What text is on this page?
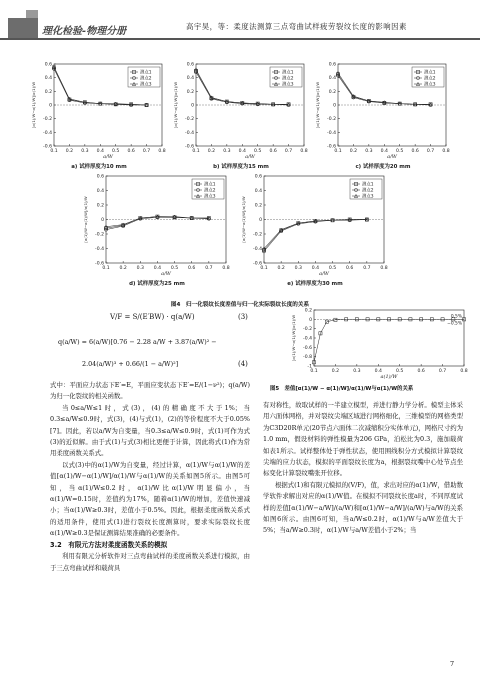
理化检验-物理分册	高宇昊，等：柔度法测算三点弯曲试样疲劳裂纹长度的影响因素
0.1 0.2 0.3 0.4 0.5 0.6 0.7 0.8
-0.6
-0.4
-0.2
0
0.2
0.4
0.6
a/W
[α(1)/W−α(1)/W]/α(1)/W
测点1
测点2
测点3
a) 试样厚度为10 mm
0.1 0.2 0.3 0.4 0.5 0.6 0.7 0.8
-0.6
-0.4
-0.2
0
0.2
0.4
0.6
a/W
[α(1)/W−α(1)/W]/α(1)/W
测点1
测点2
测点3
b) 试样厚度为15 mm
0.1 0.2 0.3 0.4 0.5 0.6 0.7 0.8
-0.6
-0.4
-0.2
0
0.2
0.4
0.6
a/W
[α(1)/W−α(1)/W]/α(1)/W
测点1
测点2
测点3
c) 试样厚度为20 mm
0.1 0.2 0.3 0.4 0.5 0.6 0.7 0.8
-0.6
-0.4
-0.2
0
0.2
0.4
0.6
a/W
[α(1)/W−α(1)/W]/α(1)/W
测点1
测点2
测点3
d) 试样厚度为25 mm
0.1 0.2 0.3 0.4 0.5 0.6 0.7 0.8
-0.6
-0.4
-0.2
0
0.2
0.4
0.6
a/W
[α(1)/W−α(1)/W]/α(1)/W
测点1
测点2
测点3
e) 试样厚度为30 mm
图4　归一化裂纹长度差值与归一化实际裂纹长度的关系
V/F = S/(E′BW) · q(a/W)	(3)
q(a/W) = 6(a/W)[0.76 − 2.28 a/W + 3.87(a/W)² −
2.04(a/W)³ + 0.66/(1 − a/W)²]	(4)
0.1	0.2	0.3	0.4	0.5	0.6	0.7	0.8
-1
-0.8
-0.6
-0.4
-0.2
0
0.2
a(1)/W
[α(1)/W−α(1)/W]/α(1)/W	0.5%
−0.5%
图5　差值[α(1)/W − α(1)/W]/α(1)/W与α(1)/W的关系

式中：平面应力状态下E′=E，平面应变状态下E′=E/(1−ν²)；q(a/W)为归一化裂纹的相关函数。

当0≤a/W≤1时，式(3)，(4)的精确度不大于1%；当0.3≤a/W≤0.9时，式(3)，(4)与式(1)，(2)的等价程度不大于0.05%[7]。因此，若以a/W为自变量，当0.3≤a/W≤0.9时，式(1)可作为式(3)的近似解。由于式(1)与式(3)相比更便于计算，因此将式(1)作为常用柔度函数关系式。

以式(3)中的α(1)/W为自变量，经过计算，α(1)/W与α(1)/W的差值[α(1)/W−α(1)/W]/α(1)/W与α(1)/W的关系如图5所示。由图5可知，当α(1)/W≤0.2时，α(1)/W比α(1)/W明显偏小，当α(1)/W=0.15时，差值约为17%，随着α(1)/W的增加，差值快速减小；当α(1)/W≥0.3时，差值小于0.5%。因此，根据柔度函数关系式的适用条件，使用式(1)进行裂纹长度测算时，要求实际裂纹长度α(1)/W≥0.3是保证测算结果准确的必要条件。

3.2　有限元方法对柔度函数关系的模拟

利用有限元分析软件对三点弯曲试样的柔度函数关系进行模拟，由于三点弯曲试样和载荷具

有对称性，故取试样的一半建立模型，并进行静力学分析。模型主体采用六面体网格，并对裂纹尖端区域进行网格细化，三维模型的网格类型为C3D20R单元(20节点六面体二次减缩积分实体单元)，网格尺寸约为1.0 mm，假设材料的弹性模量为206 GPa，泊松比为0.3，施加载荷如表1所示。试样整体处于弹性状态，使用围线积分方式模拟计算裂纹尖端的应力状态，模拟的平面裂纹长度为a，根据裂纹嘴中心处节点坐标变化计算裂纹嘴张开位移。

根据式(1)和有限元模拟的(V/F)，值，求出对应的α(1)/W，借助数学软件求解出对应的α(1)/W值。在模拟不同裂纹长度a时，不同厚度试样的差值[α(1)/W−a/W]/(a/W)和[α(1)/W−a/W]/(a/W)与a/W的关系如图6所示。由图6可知，当a/W≤0.2时，α(1)/W与a/W差值大于5%；当a/W≥0.3时，α(1)/W与a/W差值小于2%；当

7
